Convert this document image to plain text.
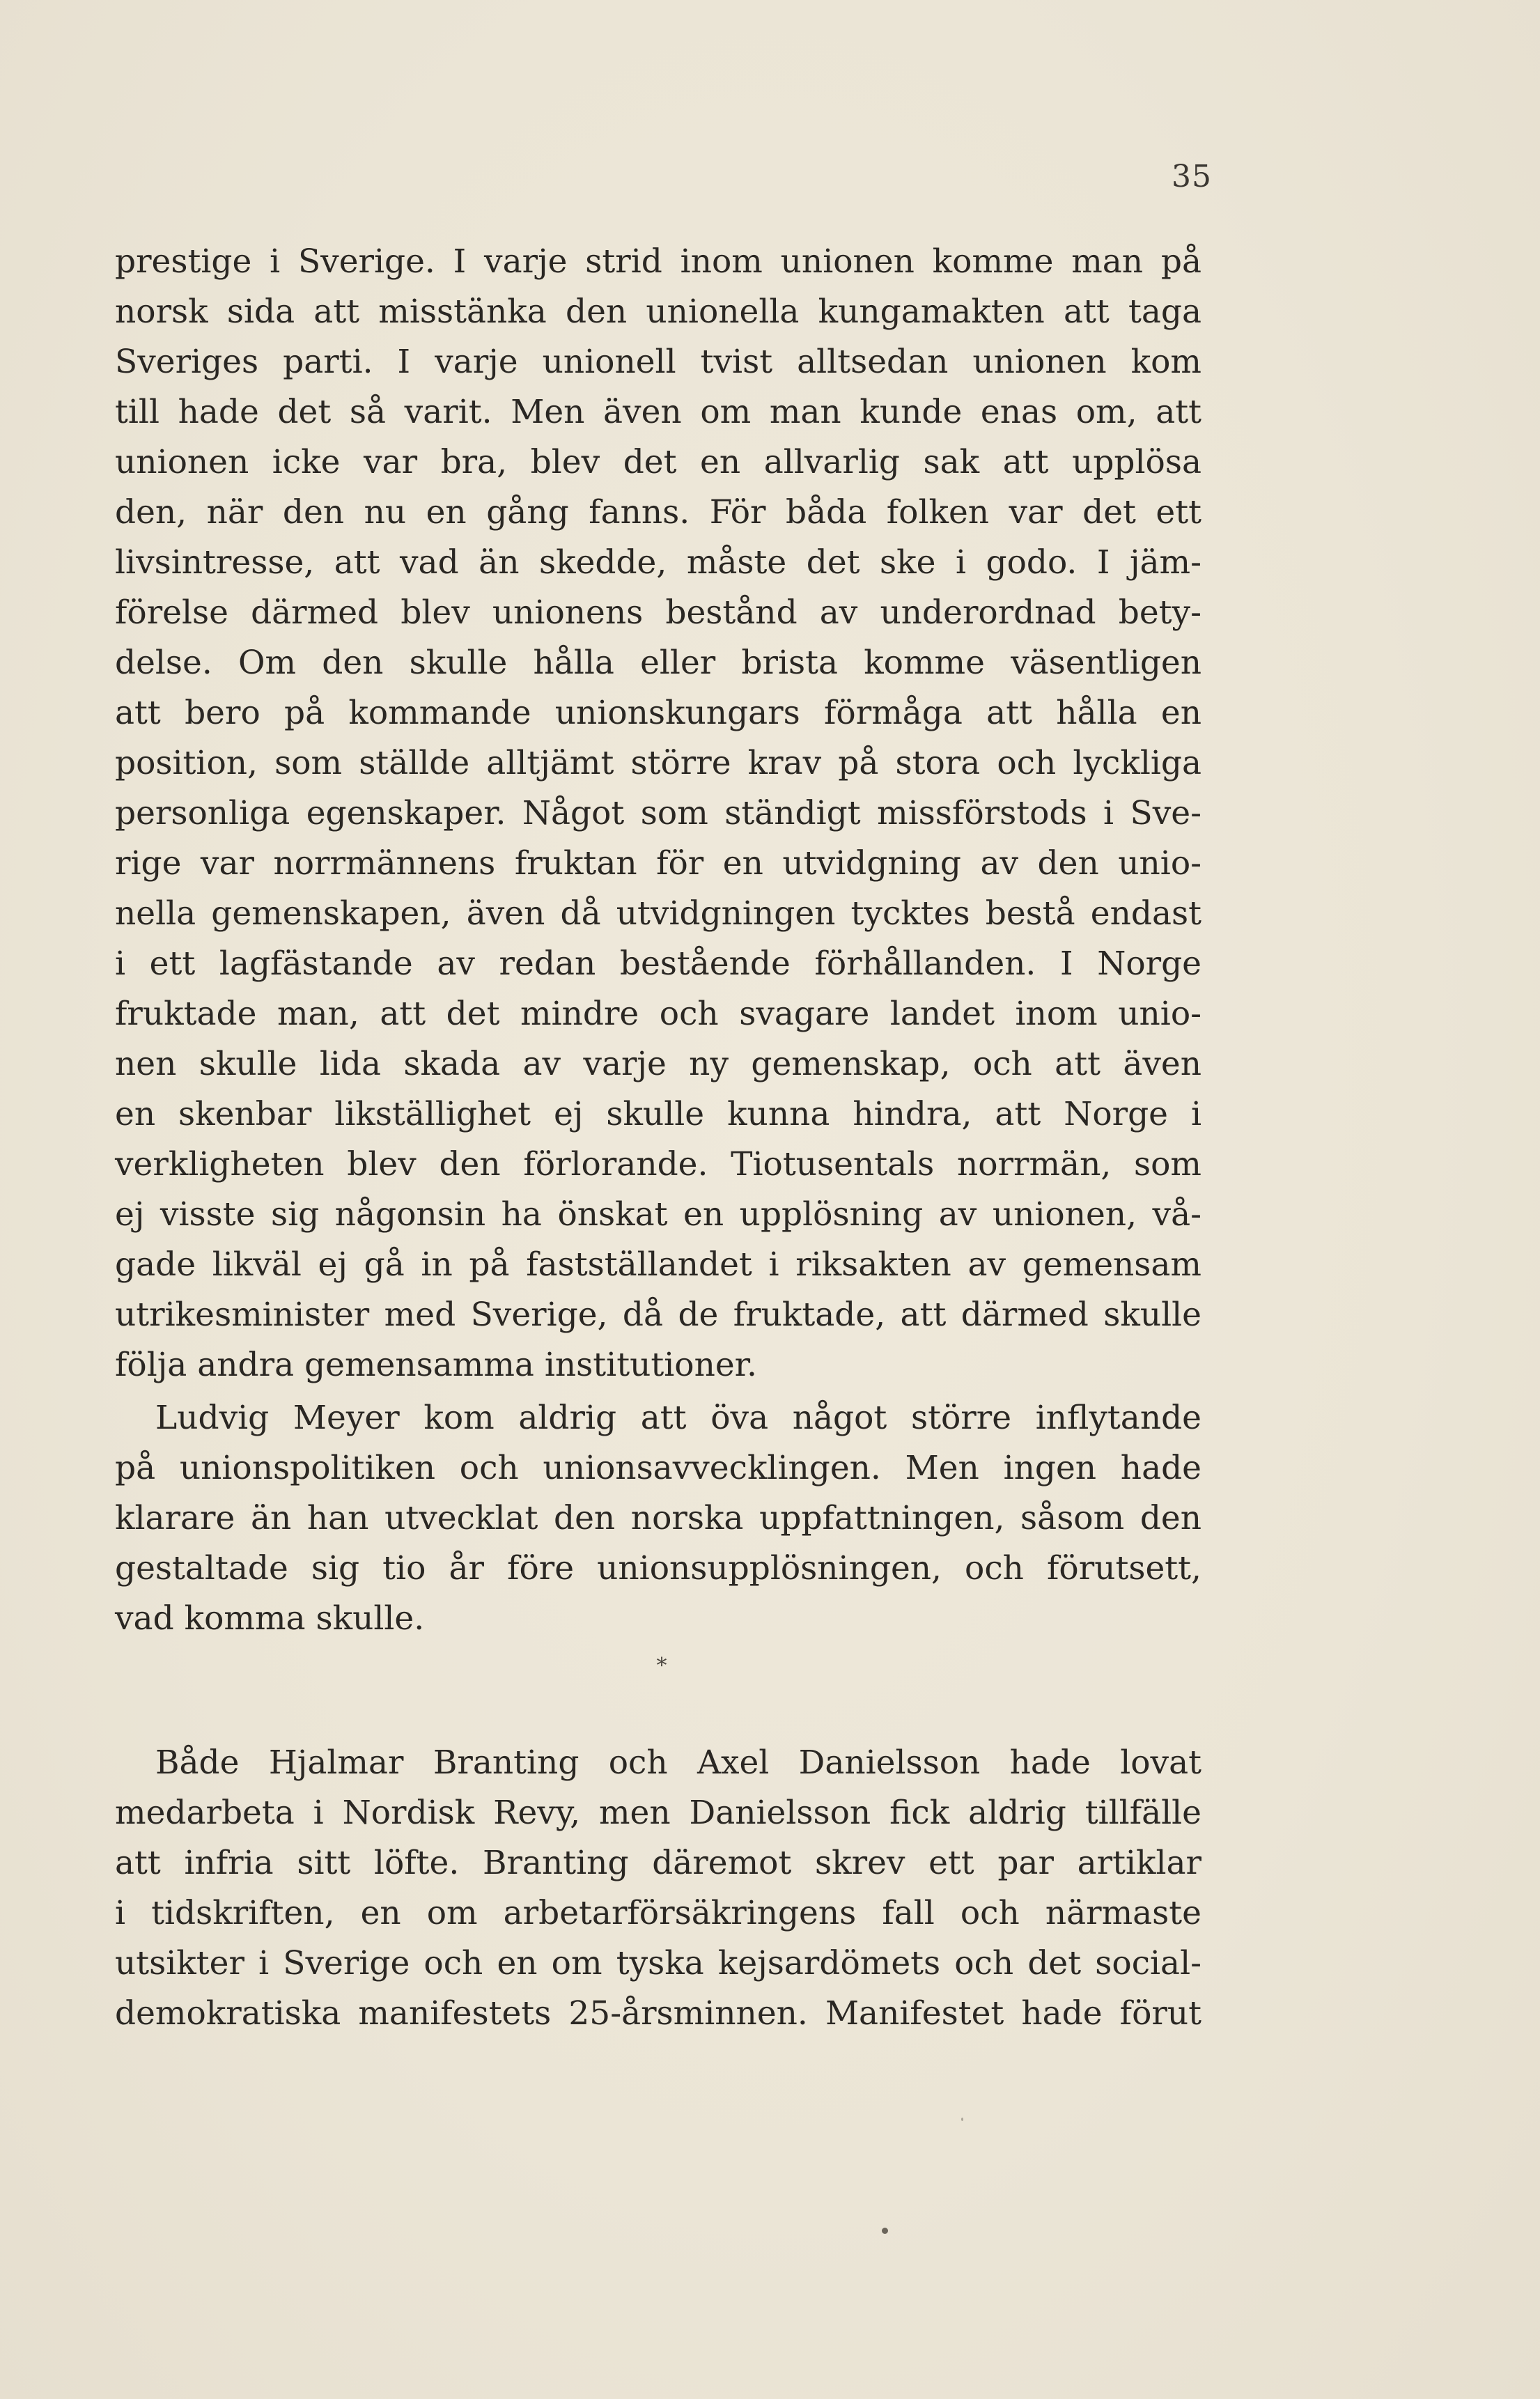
35
prestige i Sverige. I varje strid inom unionen komme man på
norsk sida att misstänka den unionella kungamakten att taga
Sveriges parti. I varje unionell tvist alltsedan unionen kom
till hade det så varit. Men även om man kunde enas om, att
unionen icke var bra, blev det en allvarlig sak att upplösa
den, när den nu en gång fanns. För båda folken var det ett
livsintresse, att vad än skedde, måste det ske i godo. I jäm-
förelse därmed blev unionens bestånd av underordnad bety-
delse. Om den skulle hålla eller brista komme väsentligen
att bero på kommande unionskungars förmåga att hålla en
position, som ställde alltjämt större krav på stora och lyckliga
personliga egenskaper. Något som ständigt missförstods i Sve-
rige var norrmännens fruktan för en utvidgning av den unio-
nella gemenskapen, även då utvidgningen tycktes bestå endast
i ett lagfästande av redan bestående förhållanden. I Norge
fruktade man, att det mindre och svagare landet inom unio-
nen skulle lida skada av varje ny gemenskap, och att även
en skenbar likställighet ej skulle kunna hindra, att Norge i
verkligheten blev den förlorande. Tiotusentals norrmän, som
ej visste sig någonsin ha önskat en upplösning av unionen, vå-
gade likväl ej gå in på fastställandet i riksakten av gemensam
utrikesminister med Sverige, då de fruktade, att därmed skulle
följa andra gemensamma institutioner.
Ludvig Meyer kom aldrig att öva något större inflytande
på unionspolitiken och unionsavvecklingen. Men ingen hade
klarare än han utvecklat den norska uppfattningen, såsom den
gestaltade sig tio år före unionsupplösningen, och förutsett,
vad komma skulle.
*
Både Hjalmar Branting och Axel Danielsson hade lovat
medarbeta i Nordisk Revy, men Danielsson fick aldrig tillfälle
att infria sitt löfte. Branting däremot skrev ett par artiklar
i tidskriften, en om arbetarförsäkringens fall och närmaste
utsikter i Sverige och en om tyska kejsardömets och det social-
demokratiska manifestets 25-årsminnen. Manifestet hade förut
